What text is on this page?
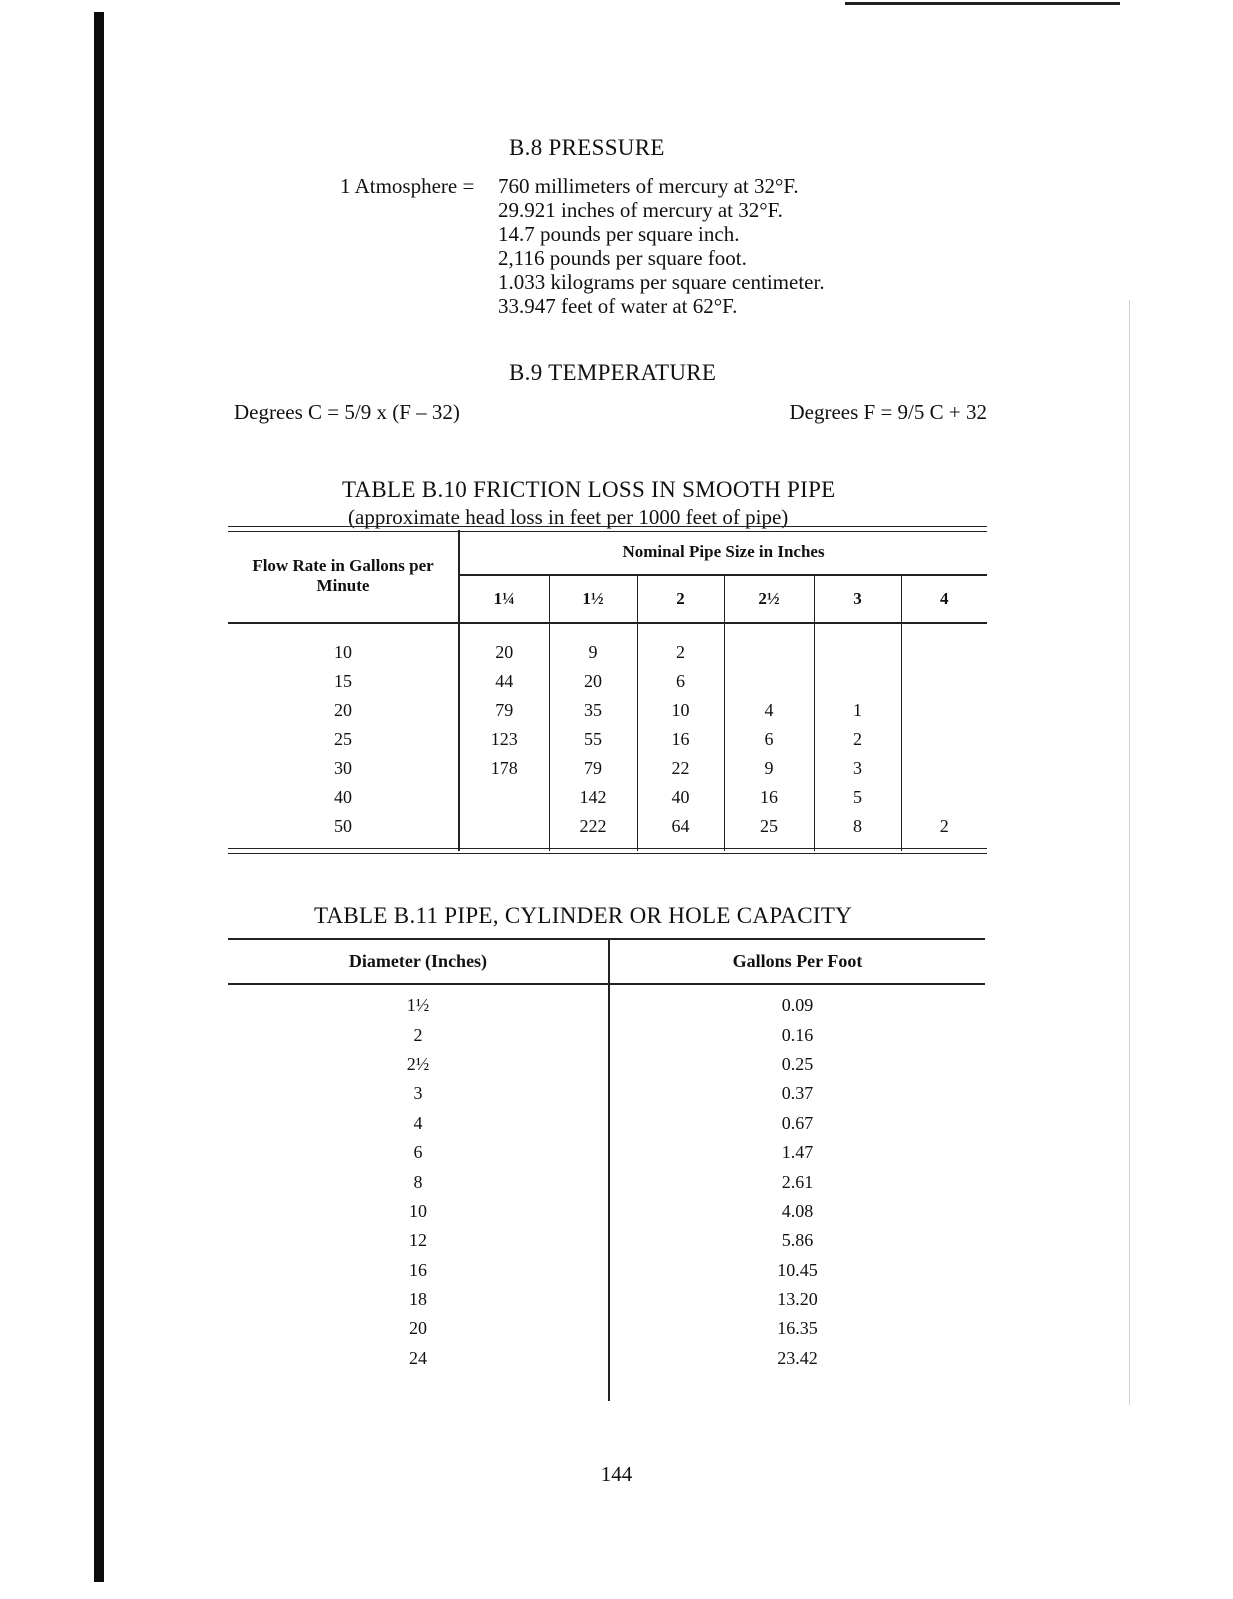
B.8 PRESSURE
1 Atmosphere = 760 millimeters of mercury at 32°F.
29.921 inches of mercury at 32°F.
14.7 pounds per square inch.
2,116 pounds per square foot.
1.033 kilograms per square centimeter.
33.947 feet of water at 62°F.
B.9 TEMPERATURE
Degrees C = 5/9 x (F – 32)	Degrees F = 9/5 C + 32
TABLE B.10 FRICTION LOSS IN SMOOTH PIPE
(approximate head loss in feet per 1000 feet of pipe)
Flow Rate in Gallons per Minute	Nominal Pipe Size in Inches					
	1¼	1½	2	2½	3	4

10	20	9	2			
15	44	20	6			
20	79	35	10	4	1	
25	123	55	16	6	2	
30	178	79	22	9	3	
40		142	40	16	5	
50		222	64	25	8	2
TABLE B.11 PIPE, CYLINDER OR HOLE CAPACITY
Diameter (Inches)	Gallons Per Foot

1½	0.09
2	0.16
2½	0.25
3	0.37
4	0.67
6	1.47
8	2.61
10	4.08
12	5.86
16	10.45
18	13.20
20	16.35
24	23.42
144
